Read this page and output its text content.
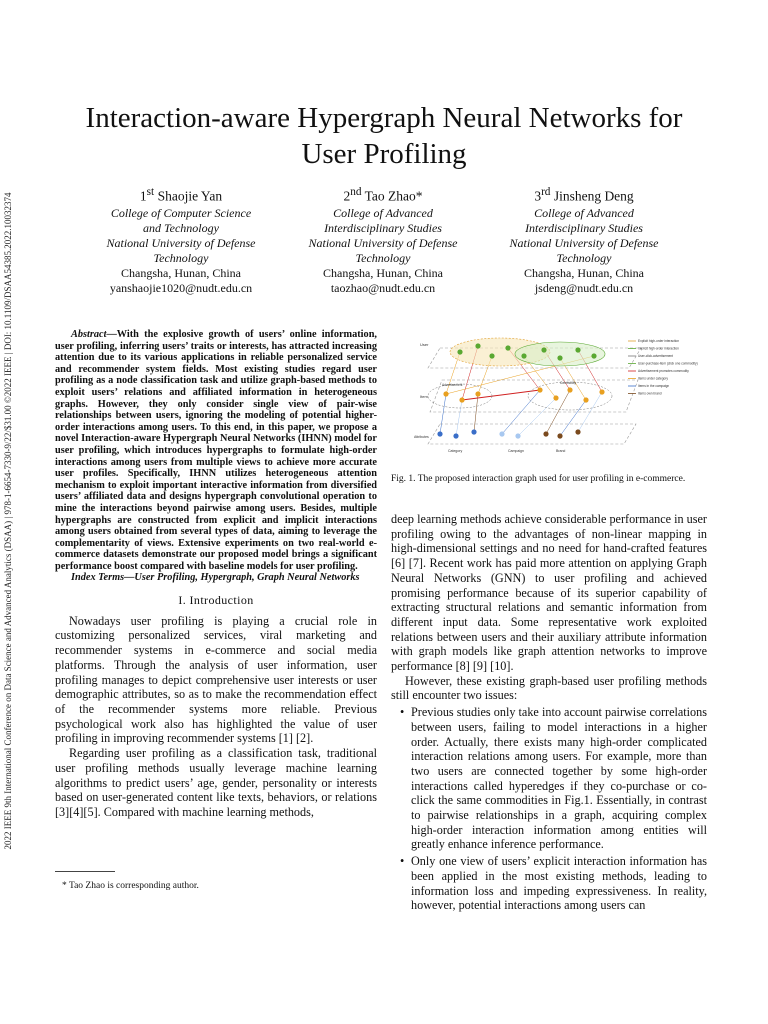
2022 IEEE 9th International Conference on Data Science and Advanced Analytics (DSAA) | 978-1-6654-7330-9/22/$31.00 ©2022 IEEE | DOI: 10.1109/DSAA54385.2022.10032374
Interaction-aware Hypergraph Neural Networks for
User Profiling
1st Shaojie Yan
College of Computer Science
and Technology
National University of Defense
Technology
Changsha, Hunan, China
yanshaojie1020@nudt.edu.cn
2nd Tao Zhao*
College of Advanced
Interdisciplinary Studies
National University of Defense
Technology
Changsha, Hunan, China
taozhao@nudt.edu.cn
3rd Jinsheng Deng
College of Advanced
Interdisciplinary Studies
National University of Defense
Technology
Changsha, Hunan, China
jsdeng@nudt.edu.cn

Abstract—With the explosive growth of users’ online information, user profiling, inferring users’ traits or interests, has attracted increasing attention due to its various applications in reliable personalized service and recommender system fields. Most existing studies regard user profiling as a node classification task and utilize graph-based methods to exploit users’ relations and affiliated information in heterogeneous graphs. However, they only consider single view of pair-wise relationships between users, ignoring the modeling of potential higher-order interactions among users. To this end, in this paper, we propose a novel Interaction-aware Hypergraph Neural Networks (IHNN) model for user profiling, which introduces hypergraphs to formulate high-order interactions among users from multiple views to achieve more accurate user profiles. Specifically, IHNN utilizes heterogeneous attention mechanism to exploit important interactive information from diversified users’ affiliated data and designs hypergraph convolutional operation to mine the interactions beyond pairwise among users. Besides, multiple hypergraphs are constructed from explicit and implicit interactions among users obtained from several types of data, aiming to leverage the complementarity of views. Extensive experiments on two real-world e-commerce datasets demonstrate our proposed model brings a significant performance boost compared with baseline models for user profiling.

Index Terms—User Profiling, Hypergraph, Graph Neural Networks

I. Introduction

Nowadays user profiling is playing a crucial role in customizing personalized services, viral marketing and recommender systems in e-commerce and social media platforms. Through the analysis of user information, user profiling manages to depict comprehensive user interests or user demographic attributes, so as to make the recommendation effect of the recommender systems more reliable. Previous psychological work also has highlighted the value of user profiling in improving recommender systems [1] [2].

Regarding user profiling as a classification task, traditional user profiling methods usually leverage machine learning algorithms to predict users’ age, gender, personality or interests based on user-generated content like texts, behaviors, or relations [3][4][5]. Compared with machine learning methods,

* Tao Zhao is corresponding author.
User
Item
Attributes
Category	Campaign	Brand
Advertisement	Commodity
Explicit high-order interaction
Implicit high-order interaction
User-click-advertisement
User-purchase-item (click one commodity)
Advertisement promotes commodity
Items under category
Items in the campaign
Items own brand
Fig. 1. The proposed interaction graph used for user profiling in e-commerce.

deep learning methods achieve considerable performance in user profiling owing to the advantages of non-linear mapping in high-dimensional settings and no need for hand-crafted features [6] [7]. Recent work has paid more attention on applying Graph Neural Networks (GNN) to user profiling and achieved promising performance because of its superior capability of extracting structural relations and semantic information from different input data. Some representative work exploited relations between users and their auxiliary attribute information with graph models like graph attention networks to improve performance [8] [9] [10].

However, these existing graph-based user profiling methods still encounter two issues:

• Previous studies only take into account pairwise correlations between users, failing to model interactions in a higher order. Actually, there exists many high-order complicated interaction relations among users. For example, more than two users are connected together by some high-order interactions called hyperedges if they co-purchase or co-click the same commodities in Fig.1. Essentially, in contrast to pairwise relationships in a graph, acquiring complex high-order interaction information among entities will greatly enhance inference performance.
• Only one view of users’ explicit interaction information has been applied in the most existing methods, leading to information loss and impeding expressiveness. In reality, however, potential interactions among users can
